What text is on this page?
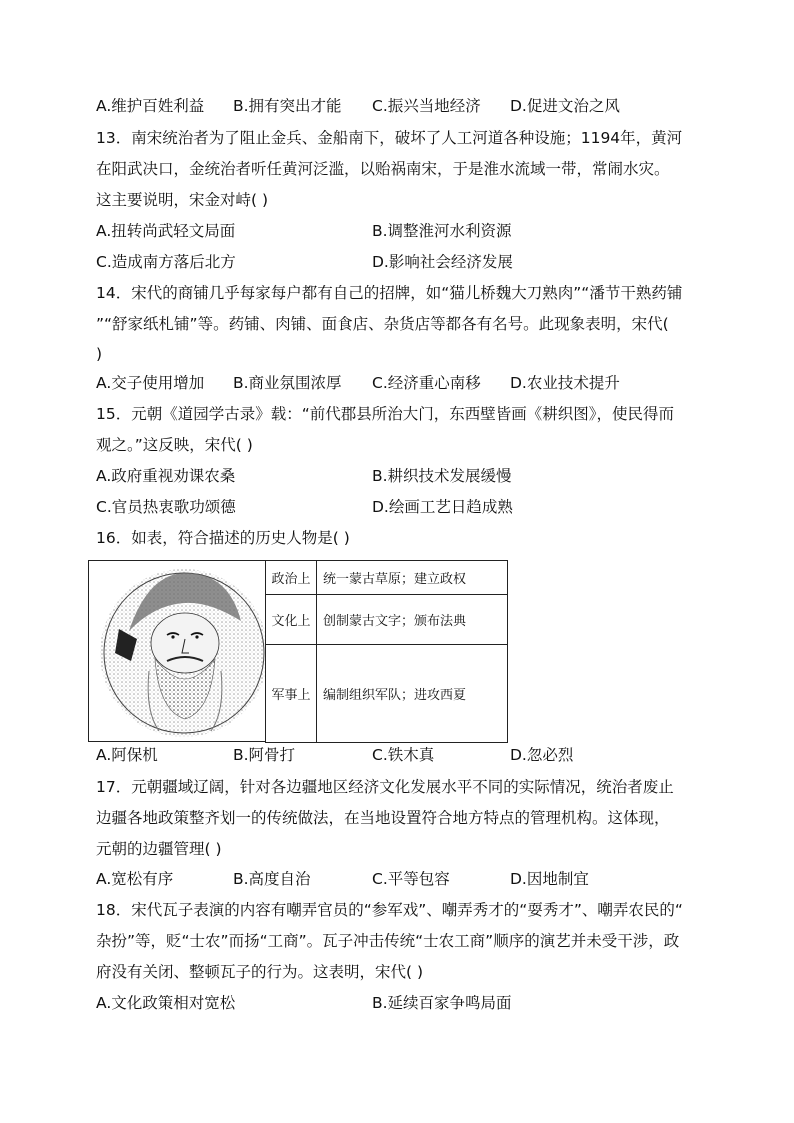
A.维护百姓利益 B.拥有突出才能 C.振兴当地经济 D.促进文治之风
13．南宋统治者为了阻止金兵、金船南下，破坏了人工河道各种设施；1194年，黄河
在阳武决口，金统治者听任黄河泛滥，以贻祸南宋，于是淮水流域一带，常闹水灾。
这主要说明，宋金对峙( )
A.扭转尚武轻文局面	B.调整淮河水利资源
C.造成南方落后北方	D.影响社会经济发展
14．宋代的商铺几乎每家每户都有自己的招牌，如“猫儿桥魏大刀熟肉”“潘节干熟药铺
”“舒家纸札铺”等。药铺、肉铺、面食店、杂货店等都各有名号。此现象表明，宋代(
)
A.交子使用增加 B.商业氛围浓厚 C.经济重心南移 D.农业技术提升
15．元朝《道园学古录》载：“前代郡县所治大门，东西壁皆画《耕织图》，使民得而
观之。”这反映，宋代( )
A.政府重视劝课农桑	B.耕织技术发展缓慢
C.官员热衷歌功颂德	D.绘画工艺日趋成熟
16．如表，符合描述的历史人物是( )
政治上	统一蒙古草原；建立政权
文化上	创制蒙古文字；颁布法典
军事上	编制组织军队；进攻西夏
A.阿保机	B.阿骨打	C.铁木真	D.忽必烈
17．元朝疆域辽阔，针对各边疆地区经济文化发展水平不同的实际情况，统治者废止
边疆各地政策整齐划一的传统做法，在当地设置符合地方特点的管理机构。这体现，
元朝的边疆管理( )
A.宽松有序	B.高度自治	C.平等包容	D.因地制宜
18．宋代瓦子表演的内容有嘲弄官员的“参军戏”、嘲弄秀才的“耍秀才”、嘲弄农民的“
杂扮”等，贬“士农”而扬“工商”。瓦子冲击传统“士农工商”顺序的演艺并未受干涉，政
府没有关闭、整顿瓦子的行为。这表明，宋代( )
A.文化政策相对宽松	B.延续百家争鸣局面
